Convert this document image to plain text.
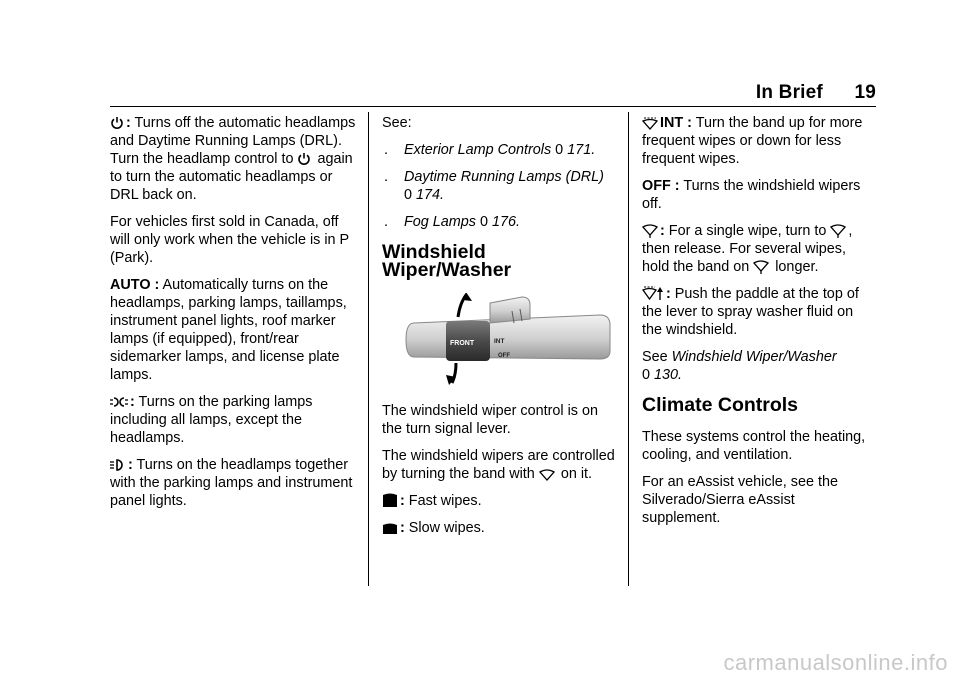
In Brief 19

: Turns off the automatic headlamps and Daytime Running Lamps (DRL). Turn the headlamp control to again to turn the automatic headlamps or DRL back on.

For vehicles first sold in Canada, off will only work when the vehicle is in P (Park).

AUTO : Automatically turns on the headlamps, parking lamps, taillamps, instrument panel lights, roof marker lamps (if equipped), front/rear sidemarker lamps, and license plate lamps.

: Turns on the parking lamps including all lamps, except the headlamps.

: Turns on the headlamps together with the parking lamps and instrument panel lights.

See:

. Exterior Lamp Controls 0 171.
. Daytime Running Lamps (DRL)
0 174.
. Fog Lamps 0 176.
Windshield Wiper/Washer
FRONT	INT
OFF

The windshield wiper control is on the turn signal lever.

The windshield wipers are controlled by turning the band with on it.

: Fast wipes.

: Slow wipes.

INT : Turn the band up for more frequent wipes or down for less frequent wipes.

OFF : Turns the windshield wipers off.

: For a single wipe, turn to , then release. For several wipes, hold the band on longer.

: Push the paddle at the top of the lever to spray washer fluid on the windshield.

See Windshield Wiper/Washer
0 130.

Climate Controls

These systems control the heating, cooling, and ventilation.

For an eAssist vehicle, see the Silverado/Sierra eAssist supplement.

carmanualsonline.info
